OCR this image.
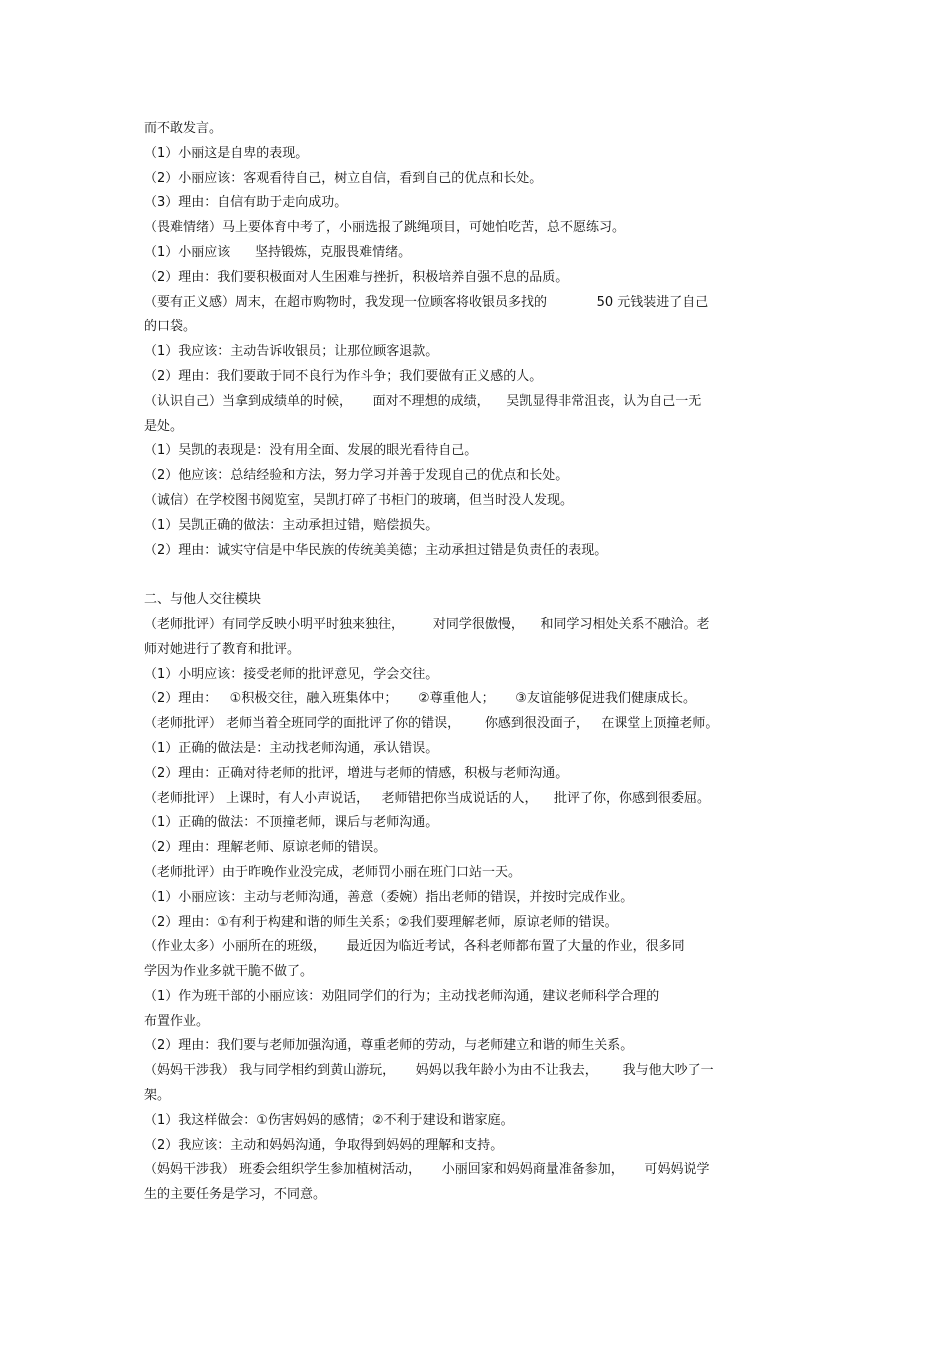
而不敢发言。
（1）小丽这是自卑的表现。
（2）小丽应该：客观看待自己，树立自信，看到自己的优点和长处。
（3）理由：自信有助于走向成功。
（畏难情绪）马上要体育中考了，小丽选报了跳绳项目，可她怕吃苦，总不愿练习。
（1）小丽应该      坚持锻炼，克服畏难情绪。
（2）理由：我们要积极面对人生困难与挫折，积极培养自强不息的品质。
（要有正义感）周末，在超市购物时，我发现一位顾客将收银员多找的            50 元钱装进了自己
的口袋。
（1）我应该：主动告诉收银员；让那位顾客退款。
（2）理由：我们要敢于同不良行为作斗争；我们要做有正义感的人。
（认识自己）当拿到成绩单的时候，     面对不理想的成绩，    吴凯显得非常沮丧，认为自己一无
是处。
（1）吴凯的表现是：没有用全面、发展的眼光看待自己。
（2）他应该：总结经验和方法，努力学习并善于发现自己的优点和长处。
（诚信）在学校图书阅览室，吴凯打碎了书柜门的玻璃，但当时没人发现。
（1）吴凯正确的做法：主动承担过错，赔偿损失。
（2）理由：诚实守信是中华民族的传统美美德；主动承担过错是负责任的表现。
二、与他人交往模块
（老师批评）有同学反映小明平时独来独往，       对同学很傲慢，    和同学习相处关系不融洽。老
师对她进行了教育和批评。
（1）小明应该：接受老师的批评意见，学会交往。
（2）理由：   ①积极交往，融入班集体中；     ②尊重他人；     ③友谊能够促进我们健康成长。
（老师批评） 老师当着全班同学的面批评了你的错误，      你感到很没面子，   在课堂上顶撞老师。
（1）正确的做法是：主动找老师沟通，承认错误。
（2）理由：正确对待老师的批评，增进与老师的情感，积极与老师沟通。
（老师批评） 上课时，有人小声说话，   老师错把你当成说话的人，    批评了你，你感到很委屈。
（1）正确的做法：不顶撞老师，课后与老师沟通。
（2）理由：理解老师、原谅老师的错误。
（老师批评）由于昨晚作业没完成，老师罚小丽在班门口站一天。
（1）小丽应该：主动与老师沟通，善意（委婉）指出老师的错误，并按时完成作业。
（2）理由：①有利于构建和谐的师生关系；②我们要理解老师，原谅老师的错误。
（作业太多）小丽所在的班级，     最近因为临近考试，各科老师都布置了大量的作业，很多同
学因为作业多就干脆不做了。
（1）作为班干部的小丽应该：劝阻同学们的行为；主动找老师沟通，建议老师科学合理的
布置作业。
（2）理由：我们要与老师加强沟通，尊重老师的劳动，与老师建立和谐的师生关系。
（妈妈干涉我） 我与同学相约到黄山游玩，     妈妈以我年龄小为由不让我去，      我与他大吵了一
架。
（1）我这样做会：①伤害妈妈的感情；②不利于建设和谐家庭。
（2）我应该：主动和妈妈沟通，争取得到妈妈的理解和支持。
（妈妈干涉我） 班委会组织学生参加植树活动，     小丽回家和妈妈商量准备参加，     可妈妈说学
生的主要任务是学习，不同意。
